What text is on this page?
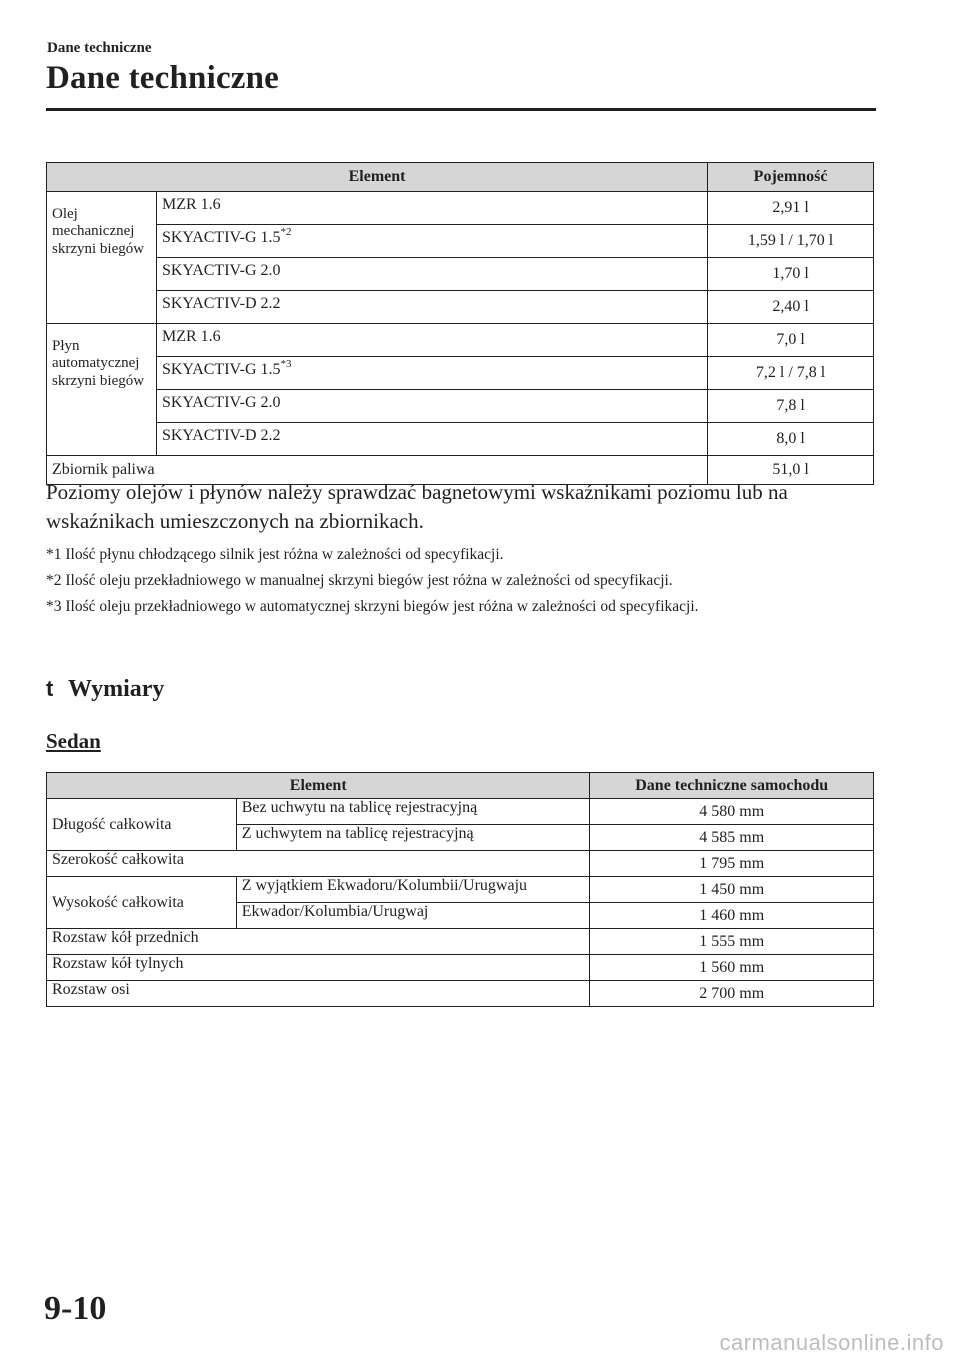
Dane techniczne
Dane techniczne
Element		Pojemność
Olej mechanicznej skrzyni biegów	MZR 1.6	2,91 l
	SKYACTIV-G 1.5$^{*2}$	1,59 l / 1,70 l
	SKYACTIV-G 2.0	1,70 l
	SKYACTIV-D 2.2	2,40 l
Płyn automatycznej skrzyni biegów	MZR 1.6	7,0 l
	SKYACTIV-G 1.5$^{*3}$	7,2 l / 7,8 l
	SKYACTIV-G 2.0	7,8 l
	SKYACTIV-D 2.2	8,0 l
Zbiornik paliwa		51,0 l

Poziomy olejów i płynów należy sprawdzać bagnetowymi wskaźnikami poziomu lub na wskaźnikach umieszczonych na zbiornikach.

*1 Ilość płynu chłodzącego silnik jest różna w zależności od specyfikacji.

*2 Ilość oleju przekładniowego w manualnej skrzyni biegów jest różna w zależności od specyfikacji.

*3 Ilość oleju przekładniowego w automatycznej skrzyni biegów jest różna w zależności od specyfikacji.

t Wymiary
Sedan
Element		Dane techniczne samochodu
Długość całkowita	Bez uchwytu na tablicę rejestracyjną	4 580 mm
	Z uchwytem na tablicę rejestracyjną	4 585 mm
Szerokość całkowita		1 795 mm
Wysokość całkowita	Z wyjątkiem Ekwadoru/Kolumbii/Urugwaju	1 450 mm
	Ekwador/Kolumbia/Urugwaj	1 460 mm
Rozstaw kół przednich		1 555 mm
Rozstaw kół tylnych		1 560 mm
Rozstaw osi		2 700 mm
9-10
carmanualsonline.info
